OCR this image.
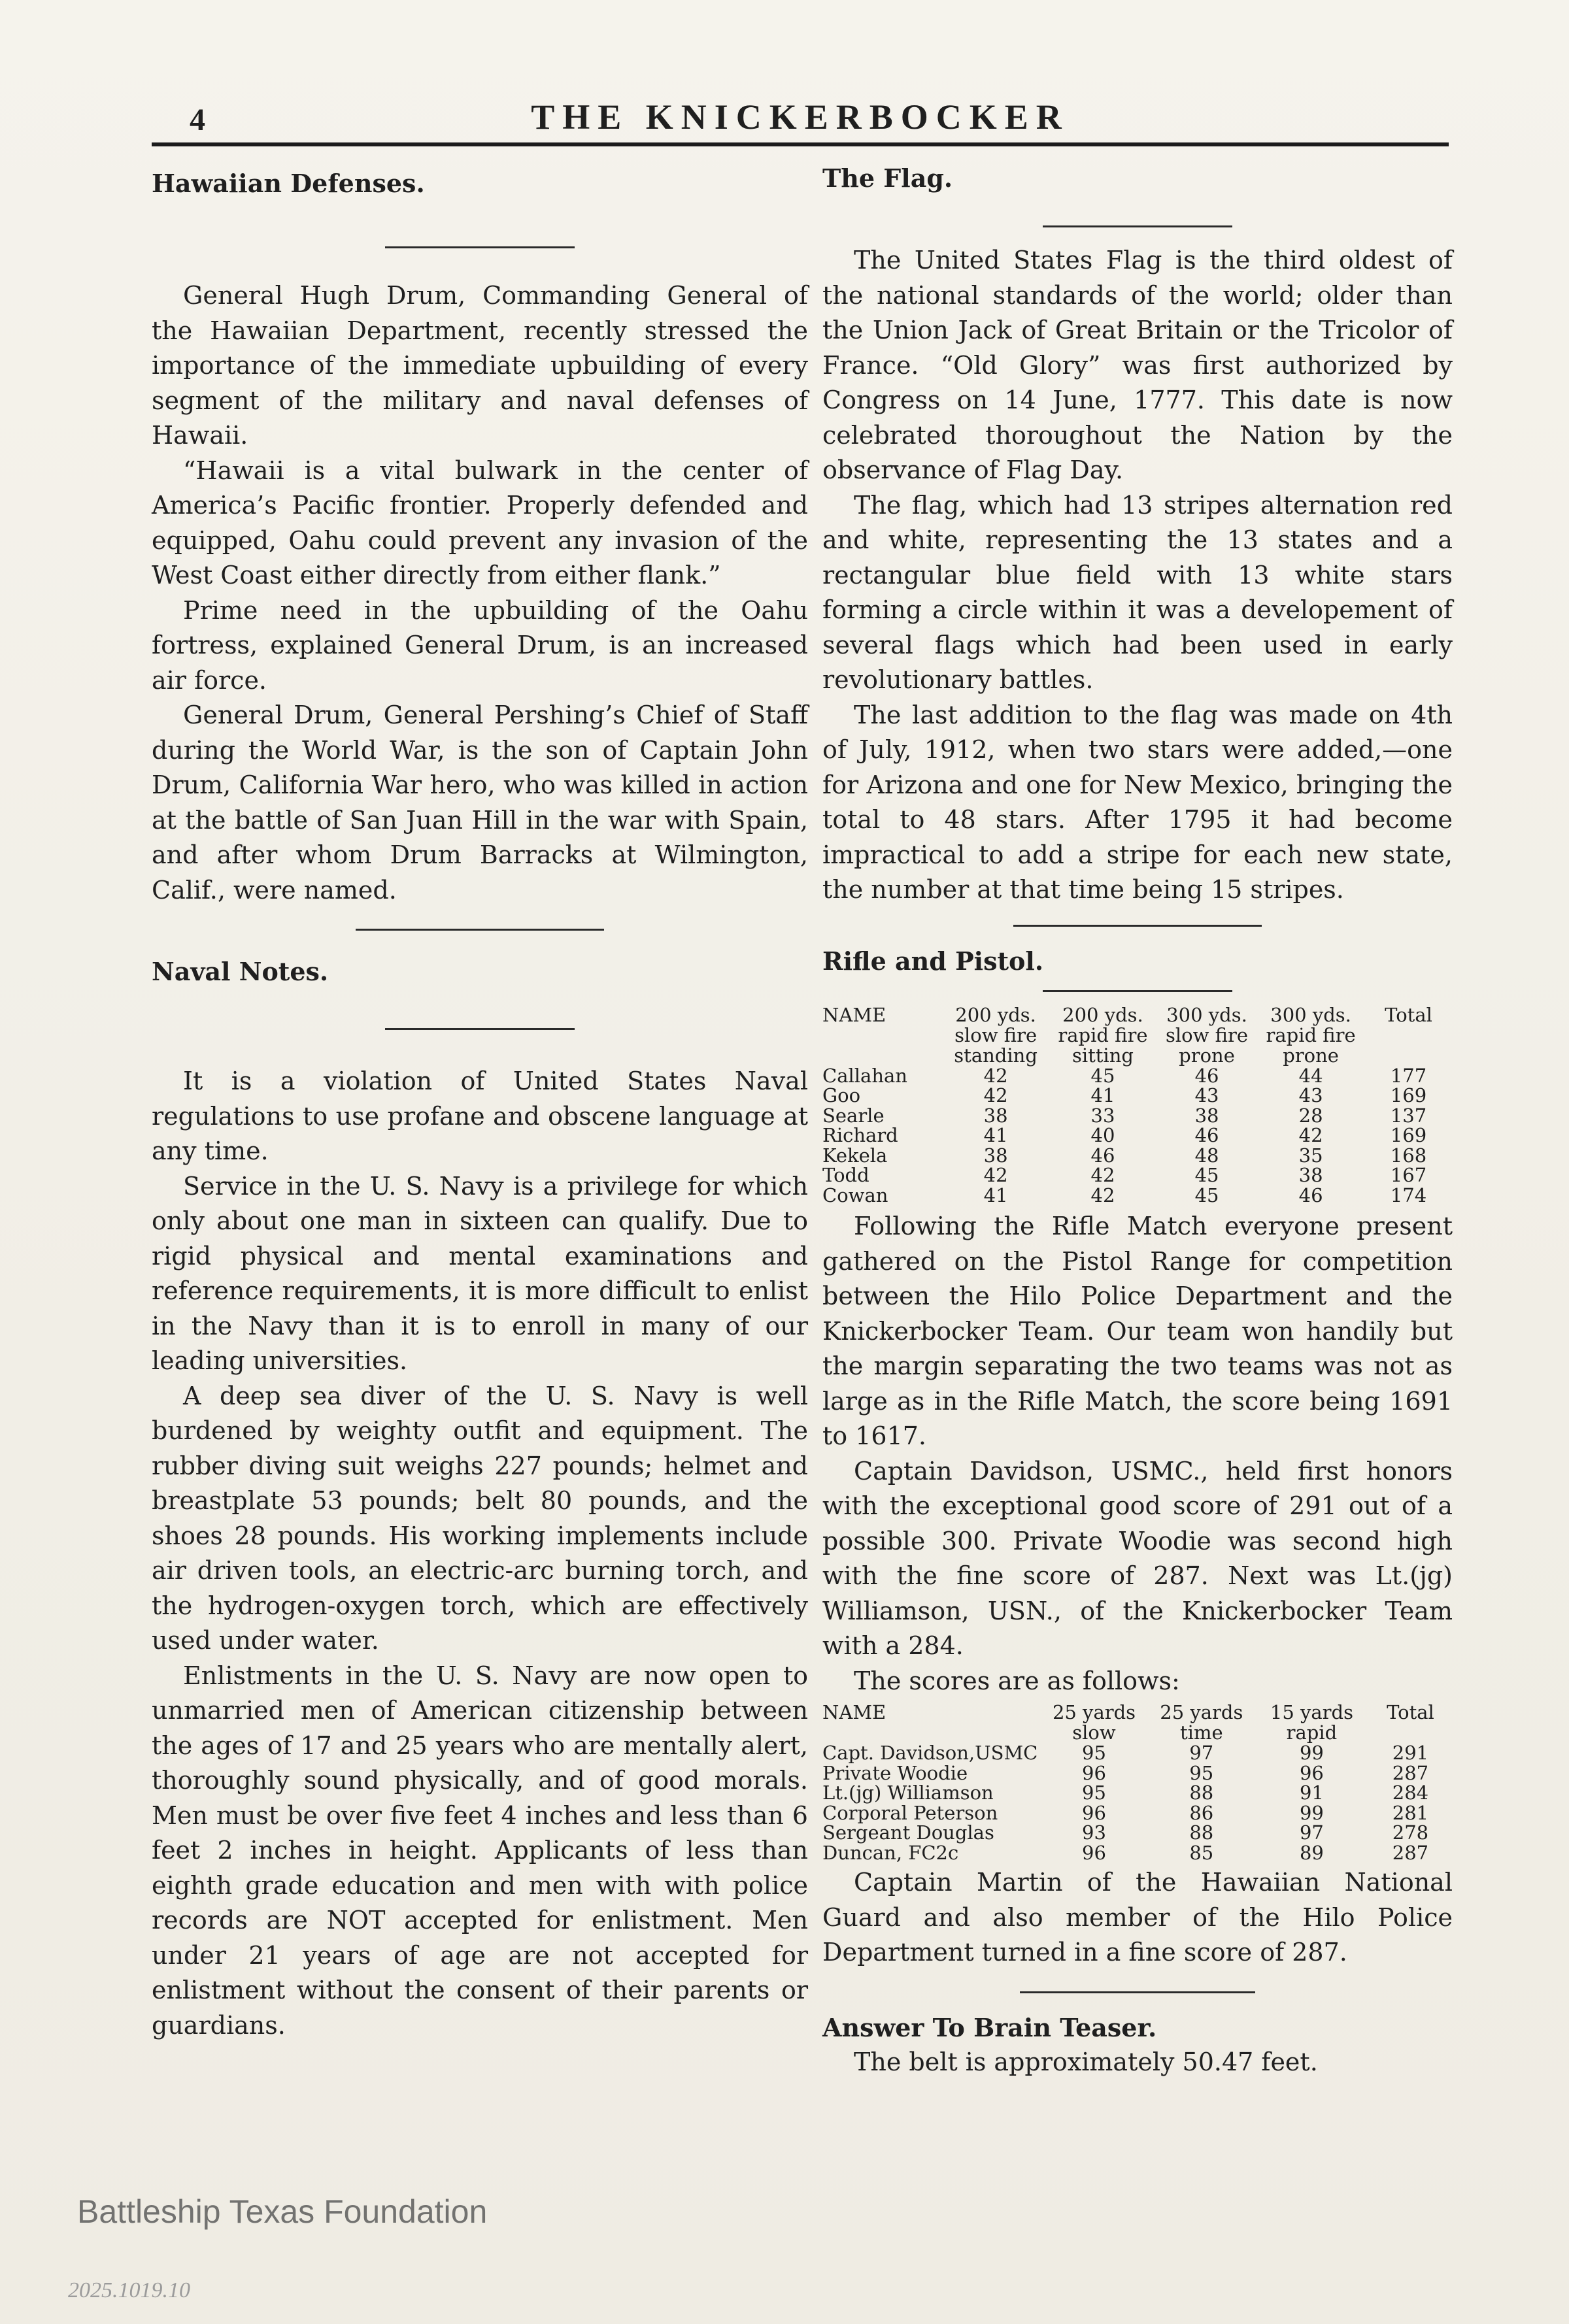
4	THE KNICKERBOCKER
Hawaiian Defenses.

General Hugh Drum, Commanding General of the Hawaiian Department, recently stressed the importance of the immediate upbuilding of every segment of the military and naval defenses of Hawaii.

“Hawaii is a vital bulwark in the center of America’s Pacific frontier. Properly defended and equipped, Oahu could prevent any invasion of the West Coast either directly from either flank.”

Prime need in the upbuilding of the Oahu fortress, explained General Drum, is an increased air force.

General Drum, General Pershing’s Chief of Staff during the World War, is the son of Captain John Drum, California War hero, who was killed in action at the battle of San Juan Hill in the war with Spain, and after whom Drum Barracks at Wilmington, Calif., were named.

Naval Notes.

It is a violation of United States Naval regulations to use profane and obscene language at any time.

Service in the U. S. Navy is a privilege for which only about one man in sixteen can qualify. Due to rigid physical and mental examinations and reference requirements, it is more difficult to enlist in the Navy than it is to enroll in many of our leading universities.

A deep sea diver of the U. S. Navy is well burdened by weighty outfit and equipment. The rubber diving suit weighs 227 pounds; helmet and breastplate 53 pounds; belt 80 pounds, and the shoes 28 pounds. His working implements include air driven tools, an electric-arc burning torch, and the hydrogen-oxygen torch, which are effectively used under water.

Enlistments in the U. S. Navy are now open to unmarried men of American citizenship between the ages of 17 and 25 years who are mentally alert, thoroughly sound physically, and of good morals. Men must be over five feet 4 inches and less than 6 feet 2 inches in height. Applicants of less than eighth grade education and men with with police records are NOT accepted for enlistment. Men under 21 years of age are not accepted for enlistment without the consent of their parents or guardians.

The Flag.

The United States Flag is the third oldest of the national standards of the world; older than the Union Jack of Great Britain or the Tricolor of France. “Old Glory” was first authorized by Congress on 14 June, 1777. This date is now celebrated thoroughout the Nation by the observance of Flag Day.

The flag, which had 13 stripes alternation red and white, representing the 13 states and a rectangular blue field with 13 white stars forming a circle within it was a developement of several flags which had been used in early revolutionary battles.

The last addition to the flag was made on 4th of July, 1912, when two stars were added,—one for Arizona and one for New Mexico, bringing the total to 48 stars. After 1795 it had become impractical to add a stripe for each new state, the number at that time being 15 stripes.

Rifle and Pistol.
NAME	200 yds. slow fire standing	200 yds. rapid fire sitting	300 yds. slow fire prone	300 yds. rapid fire prone	Total
Callahan	42	45	46	44	177
Goo	42	41	43	43	169
Searle	38	33	38	28	137
Richard	41	40	46	42	169
Kekela	38	46	48	35	168
Todd	42	42	45	38	167
Cowan	41	42	45	46	174

Following the Rifle Match everyone present gathered on the Pistol Range for competition between the Hilo Police Department and the Knickerbocker Team. Our team won handily but the margin separating the two teams was not as large as in the Rifle Match, the score being 1691 to 1617.

Captain Davidson, USMC., held first honors with the exceptional good score of 291 out of a possible 300. Private Woodie was second high with the fine score of 287. Next was Lt.(jg) Williamson, USN., of the Knickerbocker Team with a 284.

The scores are as follows:

NAME	25 yards slow	25 yards time	15 yards rapid	Total
Capt. Davidson,USMC	95	97	99	291
Private Woodie	96	95	96	287
Lt.(jg) Williamson	95	88	91	284
Corporal Peterson	96	86	99	281
Sergeant Douglas	93	88	97	278
Duncan, FC2c	96	85	89	287

Captain Martin of the Hawaiian National Guard and also member of the Hilo Police Department turned in a fine score of 287.

Answer To Brain Teaser.

The belt is approximately 50.47 feet.

Battleship Texas Foundation
2025.1019.10
